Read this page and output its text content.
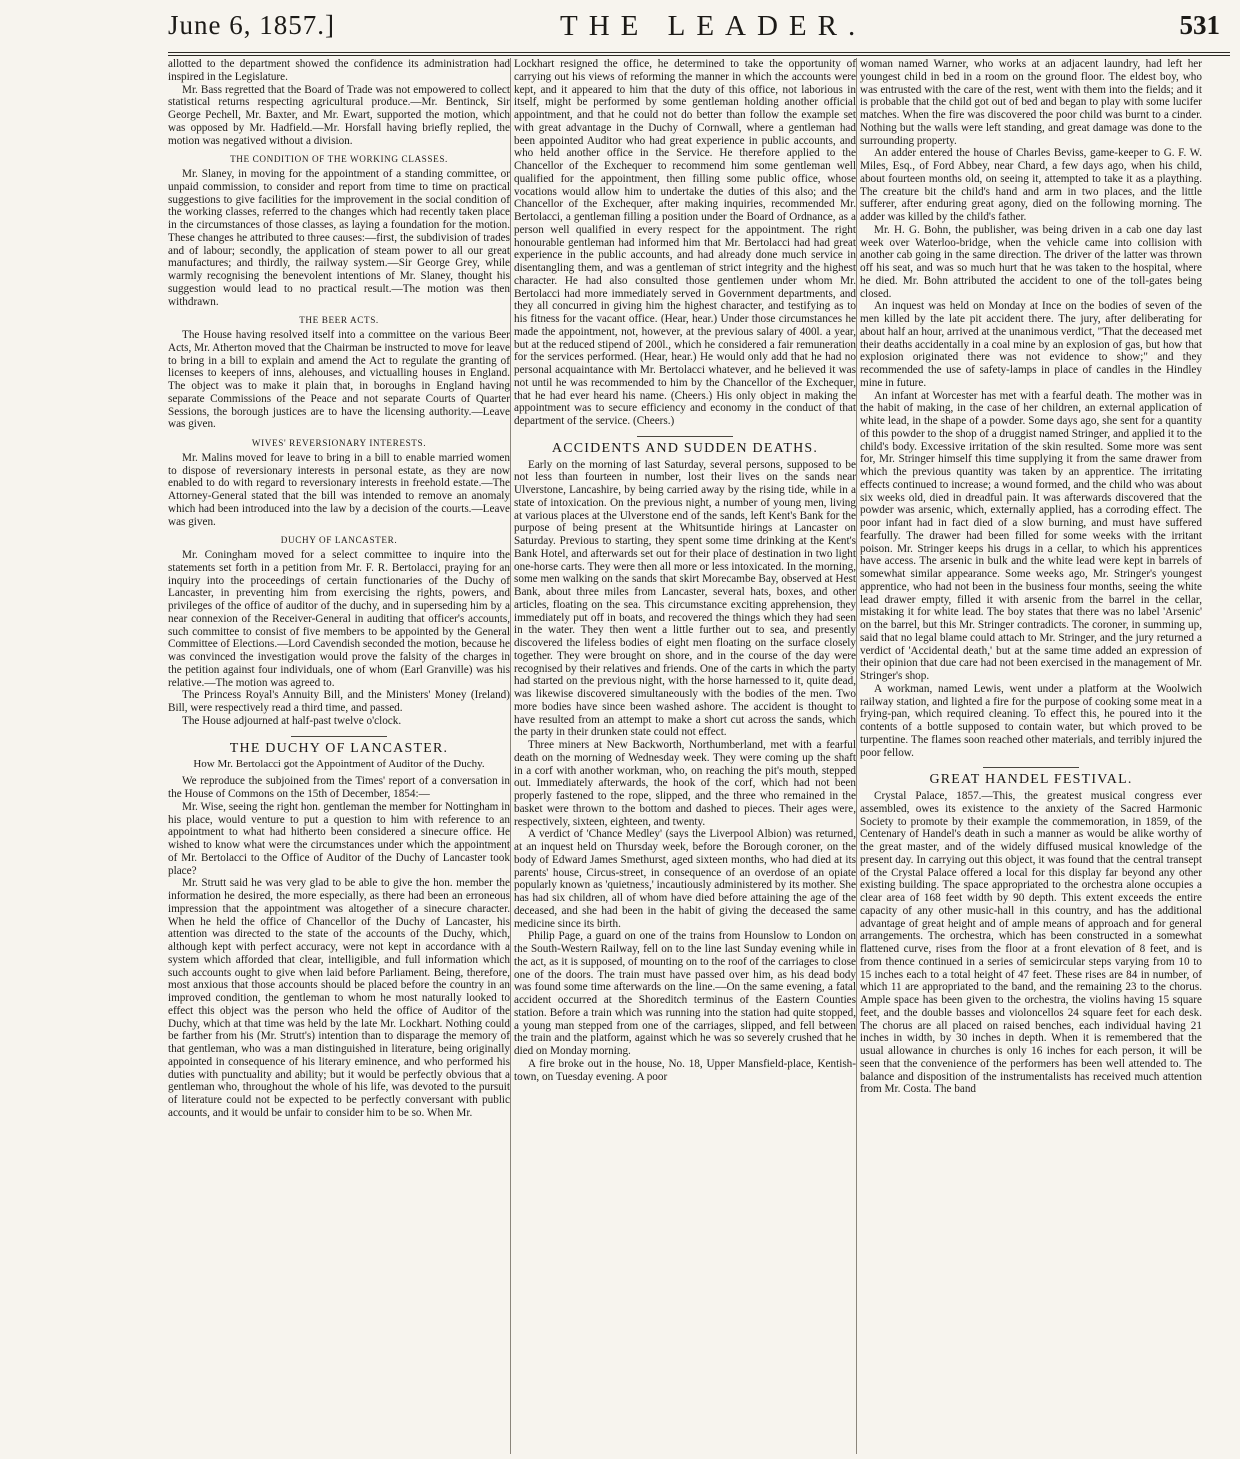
June 6, 1857.]	THE LEADER.	531

allotted to the department showed the confidence its administration had inspired in the Legislature.

Mr. Bass regretted that the Board of Trade was not empowered to collect statistical returns respecting agricultural produce.—Mr. Bentinck, Sir George Pechell, Mr. Baxter, and Mr. Ewart, supported the motion, which was opposed by Mr. Hadfield.—Mr. Horsfall having briefly replied, the motion was negatived without a division.

THE CONDITION OF THE WORKING CLASSES.

Mr. Slaney, in moving for the appointment of a standing committee, or unpaid commission, to consider and report from time to time on practical suggestions to give facilities for the improvement in the social condition of the working classes, referred to the changes which had recently taken place in the circumstances of those classes, as laying a foundation for the motion. These changes he attributed to three causes:—first, the subdivision of trades and of labour; secondly, the application of steam power to all our great manufactures; and thirdly, the railway system.—Sir George Grey, while warmly recognising the benevolent intentions of Mr. Slaney, thought his suggestion would lead to no practical result.—The motion was then withdrawn.

THE BEER ACTS.

The House having resolved itself into a committee on the various Beer Acts, Mr. Atherton moved that the Chairman be instructed to move for leave to bring in a bill to explain and amend the Act to regulate the granting of licenses to keepers of inns, alehouses, and victualling houses in England. The object was to make it plain that, in boroughs in England having separate Commissions of the Peace and not separate Courts of Quarter Sessions, the borough justices are to have the licensing authority.—Leave was given.

WIVES' REVERSIONARY INTERESTS.

Mr. Malins moved for leave to bring in a bill to enable married women to dispose of reversionary interests in personal estate, as they are now enabled to do with regard to reversionary interests in freehold estate.—The Attorney-General stated that the bill was intended to remove an anomaly which had been introduced into the law by a decision of the courts.—Leave was given.

DUCHY OF LANCASTER.

Mr. Coningham moved for a select committee to inquire into the statements set forth in a petition from Mr. F. R. Bertolacci, praying for an inquiry into the proceedings of certain functionaries of the Duchy of Lancaster, in preventing him from exercising the rights, powers, and privileges of the office of auditor of the duchy, and in superseding him by a near connexion of the Receiver-General in auditing that officer's accounts, such committee to consist of five members to be appointed by the General Committee of Elections.—Lord Cavendish seconded the motion, because he was convinced the investigation would prove the falsity of the charges in the petition against four individuals, one of whom (Earl Granville) was his relative.—The motion was agreed to.

The Princess Royal's Annuity Bill, and the Ministers' Money (Ireland) Bill, were respectively read a third time, and passed.

The House adjourned at half-past twelve o'clock.

THE DUCHY OF LANCASTER.

How Mr. Bertolacci got the Appointment of Auditor of the Duchy.

We reproduce the subjoined from the Times' report of a conversation in the House of Commons on the 15th of December, 1854:—

Mr. Wise, seeing the right hon. gentleman the member for Nottingham in his place, would venture to put a question to him with reference to an appointment to what had hitherto been considered a sinecure office. He wished to know what were the circumstances under which the appointment of Mr. Bertolacci to the Office of Auditor of the Duchy of Lancaster took place?

Mr. Strutt said he was very glad to be able to give the hon. member the information he desired, the more especially, as there had been an erroneous impression that the appointment was altogether of a sinecure character. When he held the office of Chancellor of the Duchy of Lancaster, his attention was directed to the state of the accounts of the Duchy, which, although kept with perfect accuracy, were not kept in accordance with a system which afforded that clear, intelligible, and full information which such accounts ought to give when laid before Parliament. Being, therefore, most anxious that those accounts should be placed before the country in an improved condition, the gentleman to whom he most naturally looked to effect this object was the person who held the office of Auditor of the Duchy, which at that time was held by the late Mr. Lockhart. Nothing could be farther from his (Mr. Strutt's) intention than to disparage the memory of that gentleman, who was a man distinguished in literature, being originally appointed in consequence of his literary eminence, and who performed his duties with punctuality and ability; but it would be perfectly obvious that a gentleman who, throughout the whole of his life, was devoted to the pursuit of literature could not be expected to be perfectly conversant with public accounts, and it would be unfair to consider him to be so. When Mr.

Lockhart resigned the office, he determined to take the opportunity of carrying out his views of reforming the manner in which the accounts were kept, and it appeared to him that the duty of this office, not laborious in itself, might be performed by some gentleman holding another official appointment, and that he could not do better than follow the example set with great advantage in the Duchy of Cornwall, where a gentleman had been appointed Auditor who had great experience in public accounts, and who held another office in the Service. He therefore applied to the Chancellor of the Exchequer to recommend him some gentleman well qualified for the appointment, then filling some public office, whose vocations would allow him to undertake the duties of this also; and the Chancellor of the Exchequer, after making inquiries, recommended Mr. Bertolacci, a gentleman filling a position under the Board of Ordnance, as a person well qualified in every respect for the appointment. The right honourable gentleman had informed him that Mr. Bertolacci had had great experience in the public accounts, and had already done much service in disentangling them, and was a gentleman of strict integrity and the highest character. He had also consulted those gentlemen under whom Mr. Bertolacci had more immediately served in Government departments, and they all concurred in giving him the highest character, and testifying as to his fitness for the vacant office. (Hear, hear.) Under those circumstances he made the appointment, not, however, at the previous salary of 400l. a year, but at the reduced stipend of 200l., which he considered a fair remuneration for the services performed. (Hear, hear.) He would only add that he had no personal acquaintance with Mr. Bertolacci whatever, and he believed it was not until he was recommended to him by the Chancellor of the Exchequer, that he had ever heard his name. (Cheers.) His only object in making the appointment was to secure efficiency and economy in the conduct of that department of the service. (Cheers.)

ACCIDENTS AND SUDDEN DEATHS.

Early on the morning of last Saturday, several persons, supposed to be not less than fourteen in number, lost their lives on the sands near Ulverstone, Lancashire, by being carried away by the rising tide, while in a state of intoxication. On the previous night, a number of young men, living at various places at the Ulverstone end of the sands, left Kent's Bank for the purpose of being present at the Whitsuntide hirings at Lancaster on Saturday. Previous to starting, they spent some time drinking at the Kent's Bank Hotel, and afterwards set out for their place of destination in two light one-horse carts. They were then all more or less intoxicated. In the morning, some men walking on the sands that skirt Morecambe Bay, observed at Hest Bank, about three miles from Lancaster, several hats, boxes, and other articles, floating on the sea. This circumstance exciting apprehension, they immediately put off in boats, and recovered the things which they had seen in the water. They then went a little further out to sea, and presently discovered the lifeless bodies of eight men floating on the surface closely together. They were brought on shore, and in the course of the day were recognised by their relatives and friends. One of the carts in which the party had started on the previous night, with the horse harnessed to it, quite dead, was likewise discovered simultaneously with the bodies of the men. Two more bodies have since been washed ashore. The accident is thought to have resulted from an attempt to make a short cut across the sands, which the party in their drunken state could not effect.

Three miners at New Backworth, Northumberland, met with a fearful death on the morning of Wednesday week. They were coming up the shaft in a corf with another workman, who, on reaching the pit's mouth, stepped out. Immediately afterwards, the hook of the corf, which had not been properly fastened to the rope, slipped, and the three who remained in the basket were thrown to the bottom and dashed to pieces. Their ages were, respectively, sixteen, eighteen, and twenty.

A verdict of 'Chance Medley' (says the Liverpool Albion) was returned, at an inquest held on Thursday week, before the Borough coroner, on the body of Edward James Smethurst, aged sixteen months, who had died at its parents' house, Circus-street, in consequence of an overdose of an opiate popularly known as 'quietness,' incautiously administered by its mother. She has had six children, all of whom have died before attaining the age of the deceased, and she had been in the habit of giving the deceased the same medicine since its birth.

Philip Page, a guard on one of the trains from Hounslow to London on the South-Western Railway, fell on to the line last Sunday evening while in the act, as it is supposed, of mounting on to the roof of the carriages to close one of the doors. The train must have passed over him, as his dead body was found some time afterwards on the line.—On the same evening, a fatal accident occurred at the Shoreditch terminus of the Eastern Counties station. Before a train which was running into the station had quite stopped, a young man stepped from one of the carriages, slipped, and fell between the train and the platform, against which he was so severely crushed that he died on Monday morning.

A fire broke out in the house, No. 18, Upper Mansfield-place, Kentish-town, on Tuesday evening. A poor

woman named Warner, who works at an adjacent laundry, had left her youngest child in bed in a room on the ground floor. The eldest boy, who was entrusted with the care of the rest, went with them into the fields; and it is probable that the child got out of bed and began to play with some lucifer matches. When the fire was discovered the poor child was burnt to a cinder. Nothing but the walls were left standing, and great damage was done to the surrounding property.

An adder entered the house of Charles Beviss, game-keeper to G. F. W. Miles, Esq., of Ford Abbey, near Chard, a few days ago, when his child, about fourteen months old, on seeing it, attempted to take it as a plaything. The creature bit the child's hand and arm in two places, and the little sufferer, after enduring great agony, died on the following morning. The adder was killed by the child's father.

Mr. H. G. Bohn, the publisher, was being driven in a cab one day last week over Waterloo-bridge, when the vehicle came into collision with another cab going in the same direction. The driver of the latter was thrown off his seat, and was so much hurt that he was taken to the hospital, where he died. Mr. Bohn attributed the accident to one of the toll-gates being closed.

An inquest was held on Monday at Ince on the bodies of seven of the men killed by the late pit accident there. The jury, after deliberating for about half an hour, arrived at the unanimous verdict, "That the deceased met their deaths accidentally in a coal mine by an explosion of gas, but how that explosion originated there was not evidence to show;" and they recommended the use of safety-lamps in place of candles in the Hindley mine in future.

An infant at Worcester has met with a fearful death. The mother was in the habit of making, in the case of her children, an external application of white lead, in the shape of a powder. Some days ago, she sent for a quantity of this powder to the shop of a druggist named Stringer, and applied it to the child's body. Excessive irritation of the skin resulted. Some more was sent for, Mr. Stringer himself this time supplying it from the same drawer from which the previous quantity was taken by an apprentice. The irritating effects continued to increase; a wound formed, and the child who was about six weeks old, died in dreadful pain. It was afterwards discovered that the powder was arsenic, which, externally applied, has a corroding effect. The poor infant had in fact died of a slow burning, and must have suffered fearfully. The drawer had been filled for some weeks with the irritant poison. Mr. Stringer keeps his drugs in a cellar, to which his apprentices have access. The arsenic in bulk and the white lead were kept in barrels of somewhat similar appearance. Some weeks ago, Mr. Stringer's youngest apprentice, who had not been in the business four months, seeing the white lead drawer empty, filled it with arsenic from the barrel in the cellar, mistaking it for white lead. The boy states that there was no label 'Arsenic' on the barrel, but this Mr. Stringer contradicts. The coroner, in summing up, said that no legal blame could attach to Mr. Stringer, and the jury returned a verdict of 'Accidental death,' but at the same time added an expression of their opinion that due care had not been exercised in the management of Mr. Stringer's shop.

A workman, named Lewis, went under a platform at the Woolwich railway station, and lighted a fire for the purpose of cooking some meat in a frying-pan, which required cleaning. To effect this, he poured into it the contents of a bottle supposed to contain water, but which proved to be turpentine. The flames soon reached other materials, and terribly injured the poor fellow.

GREAT HANDEL FESTIVAL.

Crystal Palace, 1857.—This, the greatest musical congress ever assembled, owes its existence to the anxiety of the Sacred Harmonic Society to promote by their example the commemoration, in 1859, of the Centenary of Handel's death in such a manner as would be alike worthy of the great master, and of the widely diffused musical knowledge of the present day. In carrying out this object, it was found that the central transept of the Crystal Palace offered a local for this display far beyond any other existing building. The space appropriated to the orchestra alone occupies a clear area of 168 feet width by 90 depth. This extent exceeds the entire capacity of any other music-hall in this country, and has the additional advantage of great height and of ample means of approach and for general arrangements. The orchestra, which has been constructed in a somewhat flattened curve, rises from the floor at a front elevation of 8 feet, and is from thence continued in a series of semicircular steps varying from 10 to 15 inches each to a total height of 47 feet. These rises are 84 in number, of which 11 are appropriated to the band, and the remaining 23 to the chorus. Ample space has been given to the orchestra, the violins having 15 square feet, and the double basses and violoncellos 24 square feet for each desk. The chorus are all placed on raised benches, each individual having 21 inches in width, by 30 inches in depth. When it is remembered that the usual allowance in churches is only 16 inches for each person, it will be seen that the convenience of the performers has been well attended to. The balance and disposition of the instrumentalists has received much attention from Mr. Costa. The band
